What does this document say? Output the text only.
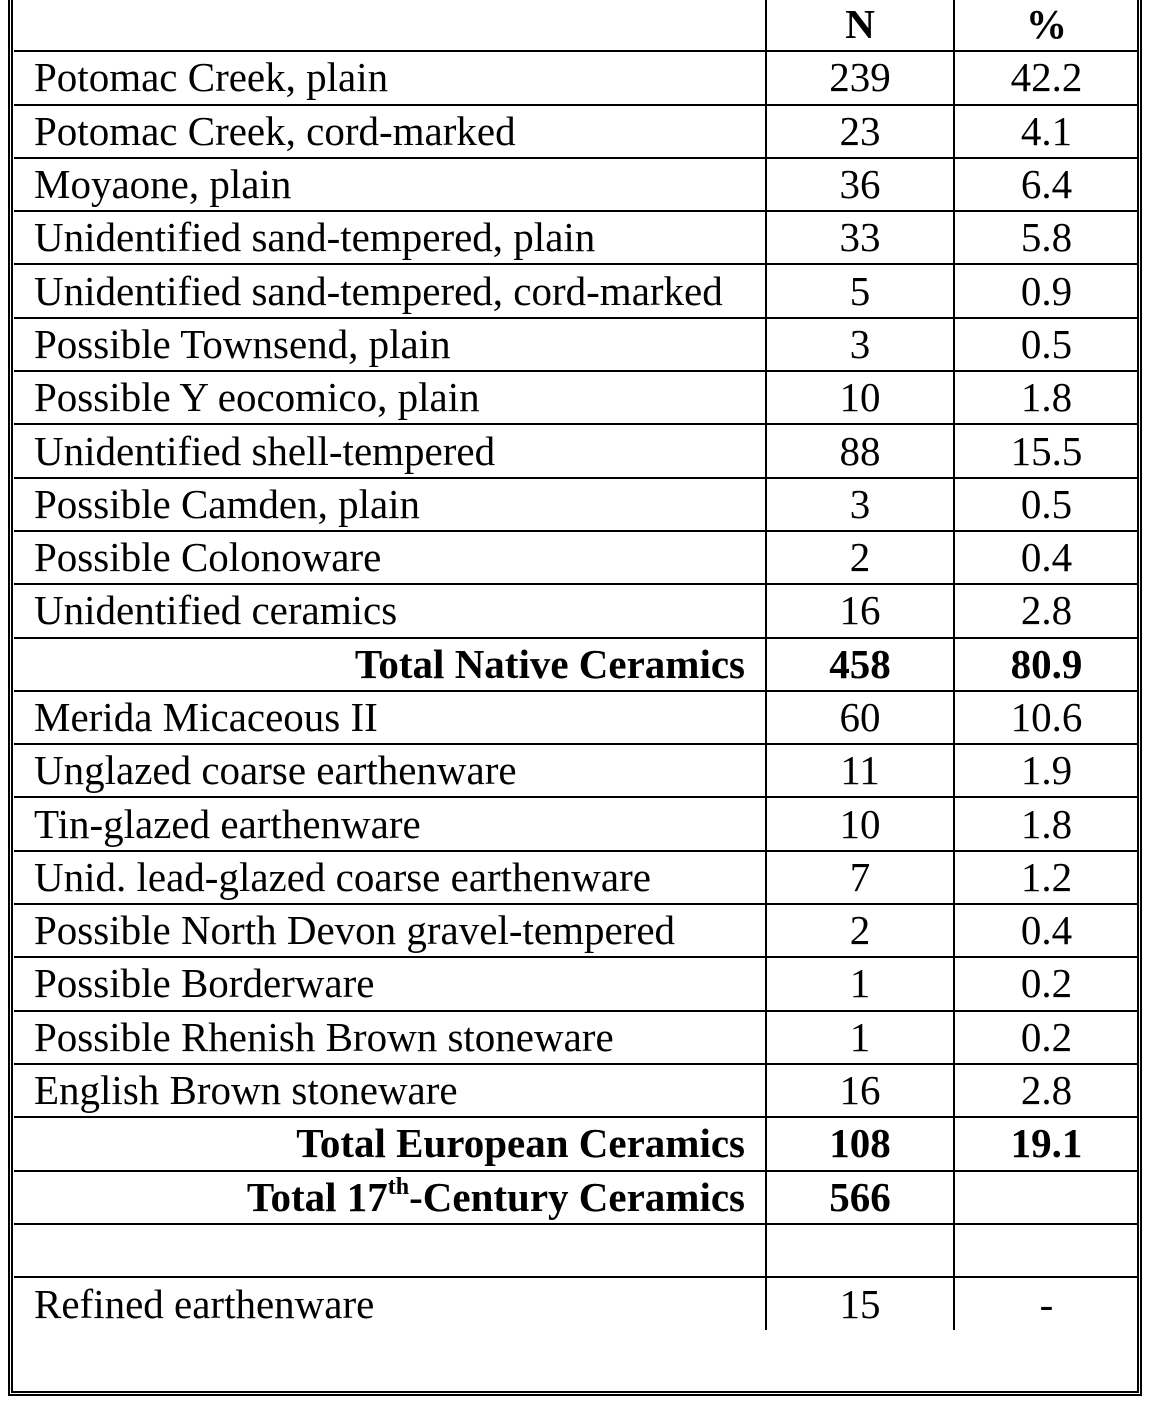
	N	%
Potomac Creek, plain	239	42.2
Potomac Creek, cord-marked	23	4.1
Moyaone, plain	36	6.4
Unidentified sand-tempered, plain	33	5.8
Unidentified sand-tempered, cord-marked	5	0.9
Possible Townsend, plain	3	0.5
Possible Y eocomico, plain	10	1.8
Unidentified shell-tempered	88	15.5
Possible Camden, plain	3	0.5
Possible Colonoware	2	0.4
Unidentified ceramics	16	2.8
Total Native Ceramics	458	80.9
Merida Micaceous II	60	10.6
Unglazed coarse earthenware	11	1.9
Tin-glazed earthenware	10	1.8
Unid. lead-glazed coarse earthenware	7	1.2
Possible North Devon gravel-tempered	2	0.4
Possible Borderware	1	0.2
Possible Rhenish Brown stoneware	1	0.2
English Brown stoneware	16	2.8
Total European Ceramics	108	19.1
Total 17th-Century Ceramics	566	

Refined earthenware	15	-
